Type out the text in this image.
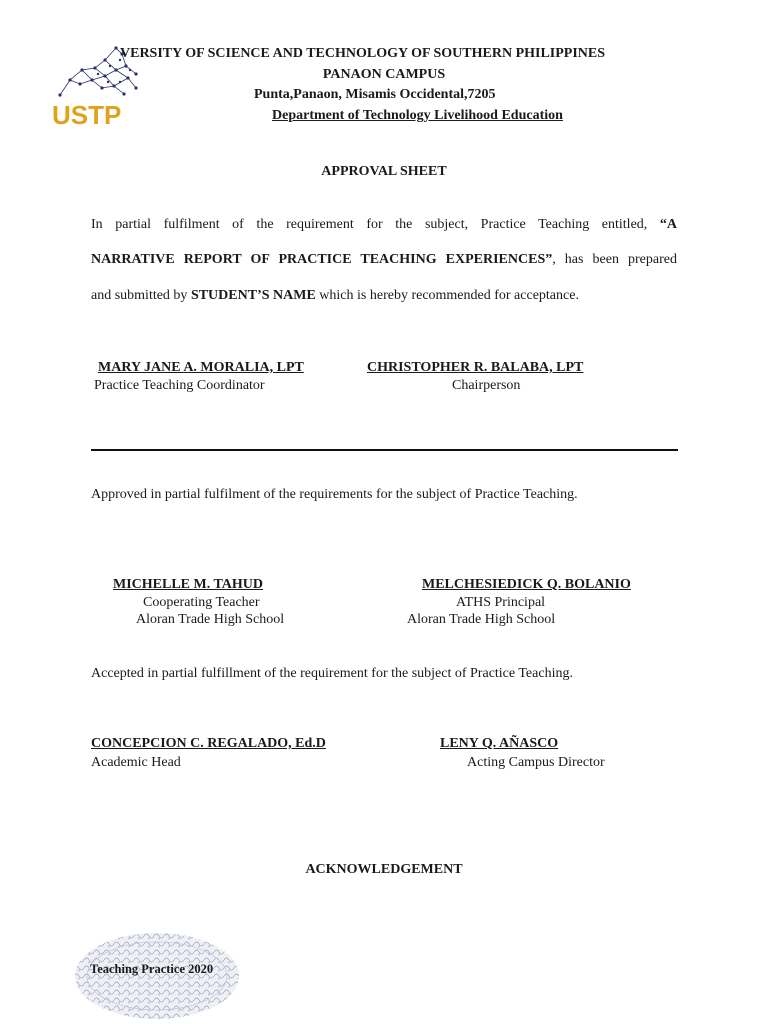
USTP
VERSITY OF SCIENCE AND TECHNOLOGY OF SOUTHERN PHILIPPINES
PANAON CAMPUS
Punta,Panaon, Misamis Occidental,7205
Department of Technology Livelihood Education
APPROVAL SHEET
In partial fulfilment of the requirement for the subject, Practice Teaching entitled, “A
NARRATIVE REPORT OF PRACTICE TEACHING EXPERIENCES”, has been prepared
and submitted by STUDENT’S NAME which is hereby recommended for acceptance.
MARY JANE A. MORALIA, LPT
Practice Teaching Coordinator
CHRISTOPHER R. BALABA, LPT
Chairperson
Approved in partial fulfilment of the requirements for the subject of Practice Teaching.
MICHELLE M. TAHUD
Cooperating Teacher
Aloran Trade High School
MELCHESIEDICK Q. BOLANIO
ATHS Principal
Aloran Trade High School
Accepted in partial fulfillment of the requirement for the subject of Practice Teaching.
CONCEPCION C. REGALADO, Ed.D
Academic Head
LENY Q. AÑASCO
Acting Campus Director
ACKNOWLEDGEMENT
Teaching Practice 2020
